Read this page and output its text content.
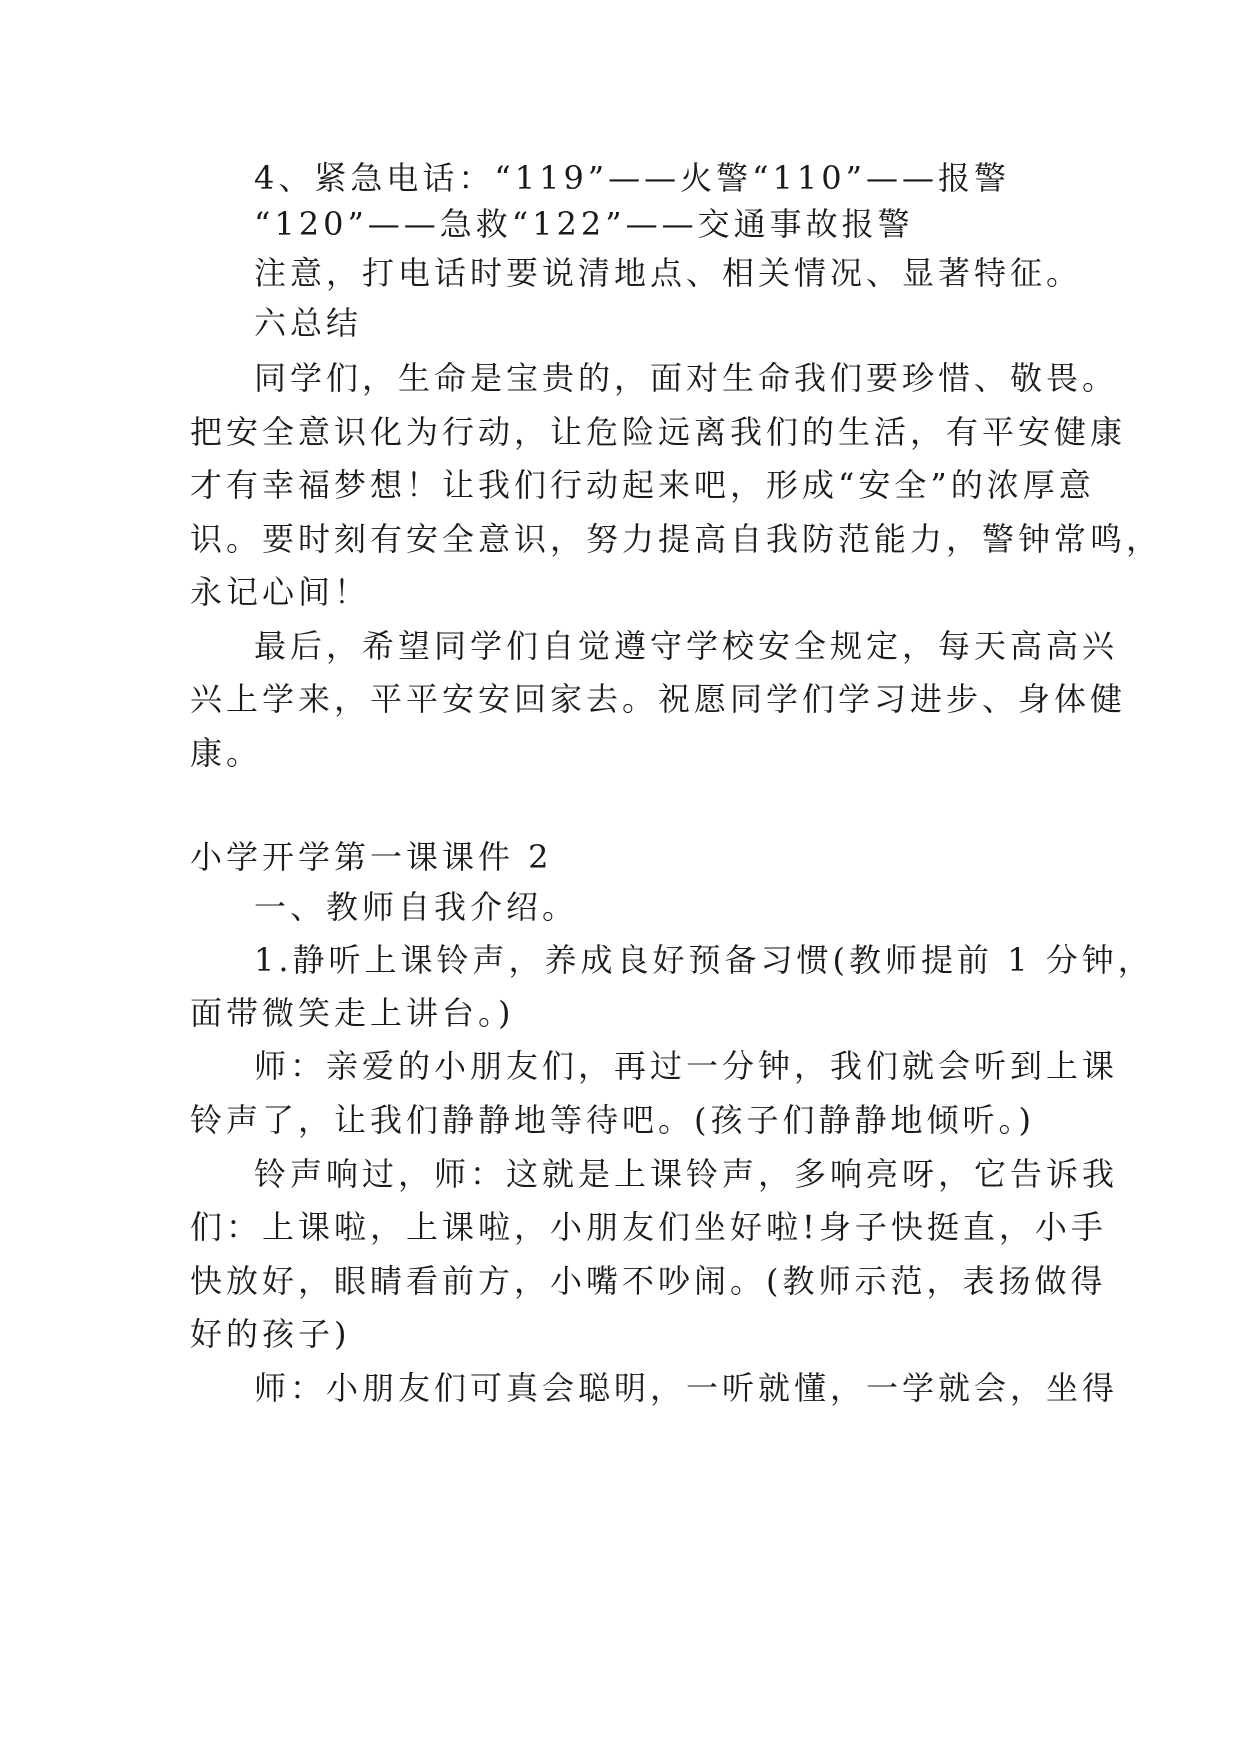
4、紧急电话：“119”——火警“110”——报警
“120”——急救“122”——交通事故报警
注意，打电话时要说清地点、相关情况、显著特征。
六总结
同学们，生命是宝贵的，面对生命我们要珍惜、敬畏。
把安全意识化为行动，让危险远离我们的生活，有平安健康
才有幸福梦想！让我们行动起来吧，形成“安全”的浓厚意
识。要时刻有安全意识，努力提高自我防范能力，警钟常鸣，
永记心间！
最后，希望同学们自觉遵守学校安全规定，每天高高兴
兴上学来，平平安安回家去。祝愿同学们学习进步、身体健
康。
小学开学第一课课件 2
一、教师自我介绍。
1.静听上课铃声，养成良好预备习惯(教师提前 1 分钟，
面带微笑走上讲台。)
师：亲爱的小朋友们，再过一分钟，我们就会听到上课
铃声了，让我们静静地等待吧。(孩子们静静地倾听。)
铃声响过，师：这就是上课铃声，多响亮呀，它告诉我
们：上课啦，上课啦，小朋友们坐好啦!身子快挺直，小手
快放好，眼睛看前方，小嘴不吵闹。(教师示范，表扬做得
好的孩子)
师：小朋友们可真会聪明，一听就懂，一学就会，坐得
